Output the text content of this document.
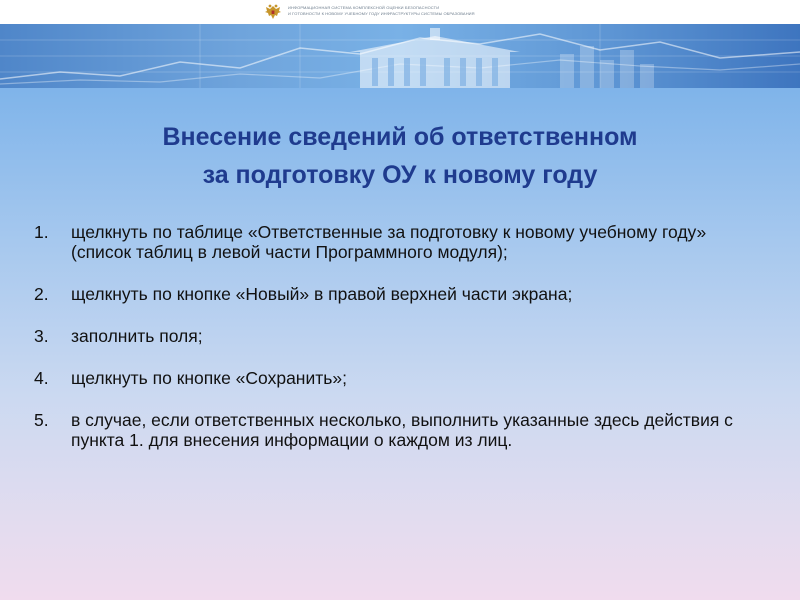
ИНФОРМАЦИОННАЯ СИСТЕМА КОМПЛЕКСНОЙ ОЦЕНКИ БЕЗОПАСНОСТИ
И ГОТОВНОСТИ К НОВОМУ УЧЕБНОМУ ГОДУ ИНФРАСТРУКТУРЫ СИСТЕМЫ ОБРАЗОВАНИЯ
Внесение сведений об ответственном
за подготовку ОУ к новому году
1. щелкнуть по таблице «Ответственные за подготовку к новому учебному году» (список таблиц в левой части Программного модуля);
2. щелкнуть по кнопке «Новый» в правой верхней части экрана;
3. заполнить поля;
4. щелкнуть по кнопке «Сохранить»;
5. в случае, если ответственных несколько, выполнить указанные здесь действия с пункта 1. для внесения информации о каждом из лиц.
